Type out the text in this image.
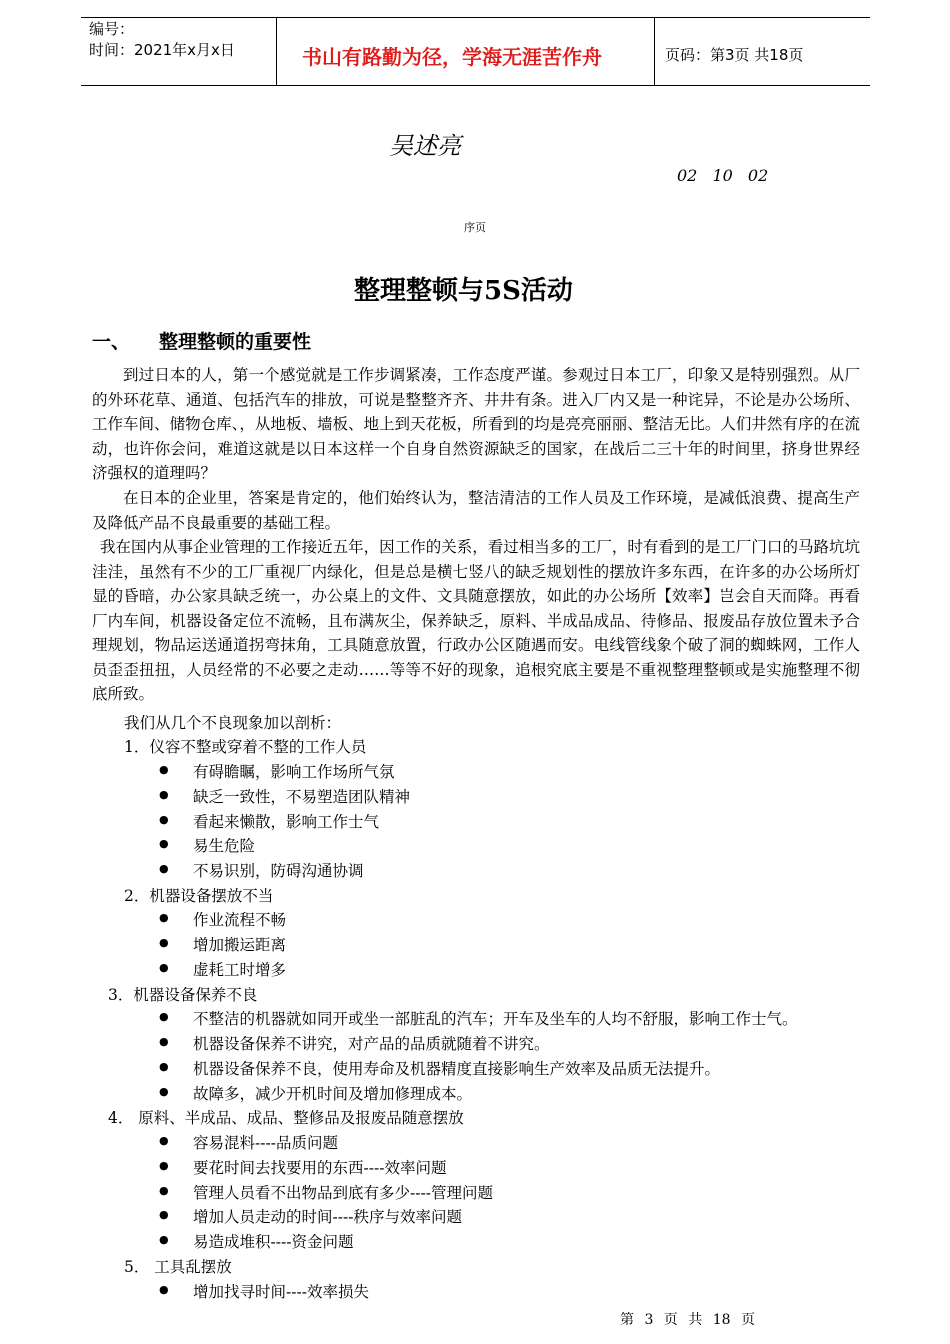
编号：
时间：2021年x月x日	书山有路勤为径，学海无涯苦作舟	页码：第3页 共18页
吴述亮
02 10 02
序页
整理整顿与5S活动
一、 整理整顿的重要性
到过日本的人，第一个感觉就是工作步调紧凑，工作态度严谨。参观过日本工厂，印象又是特别强烈。从厂的外环花草、通道、包括汽车的排放，可说是整整齐齐、井井有条。进入厂内又是一种诧异，不论是办公场所、工作车间、储物仓库、，从地板、墙板、地上到天花板，所看到的均是亮亮丽丽、整洁无比。人们井然有序的在流动，也许你会问，难道这就是以日本这样一个自身自然资源缺乏的国家，在战后二三十年的时间里，挤身世界经济强权的道理吗？
在日本的企业里，答案是肯定的，他们始终认为，整洁清洁的工作人员及工作环境，是减低浪费、提高生产及降低产品不良最重要的基础工程。
我在国内从事企业管理的工作接近五年，因工作的关系，看过相当多的工厂，时有看到的是工厂门口的马路坑坑洼洼，虽然有不少的工厂重视厂内绿化，但是总是横七竖八的缺乏规划性的摆放许多东西，在许多的办公场所灯显的昏暗，办公家具缺乏统一，办公桌上的文件、文具随意摆放，如此的办公场所【效率】岂会自天而降。再看厂内车间，机器设备定位不流畅，且布满灰尘，保养缺乏，原料、半成品成品、待修品、报废品存放位置未予合理规划，物品运送通道拐弯抹角，工具随意放置，行政办公区随遇而安。电线管线象个破了洞的蜘蛛网，工作人员歪歪扭扭，人员经常的不必要之走动……等等不好的现象，追根究底主要是不重视整理整顿或是实施整理不彻底所致。
我们从几个不良现象加以剖析：
1．仪容不整或穿着不整的工作人员
● 有碍瞻瞩，影响工作场所气氛
● 缺乏一致性，不易塑造团队精神
● 看起来懒散，影响工作士气
● 易生危险
● 不易识别，防碍沟通协调
2．机器设备摆放不当
● 作业流程不畅
● 增加搬运距离
● 虚耗工时增多
3．机器设备保养不良
● 不整洁的机器就如同开或坐一部脏乱的汽车；开车及坐车的人均不舒服，影响工作士气。
● 机器设备保养不讲究，对产品的品质就随着不讲究。
● 机器设备保养不良，使用寿命及机器精度直接影响生产效率及品质无法提升。
● 故障多，减少开机时间及增加修理成本。
4． 原料、半成品、成品、整修品及报废品随意摆放
● 容易混料----品质问题
● 要花时间去找要用的东西----效率问题
● 管理人员看不出物品到底有多少----管理问题
● 增加人员走动的时间----秩序与效率问题
● 易造成堆积----资金问题
5． 工具乱摆放
● 增加找寻时间----效率损失
第 3 页 共 18 页
